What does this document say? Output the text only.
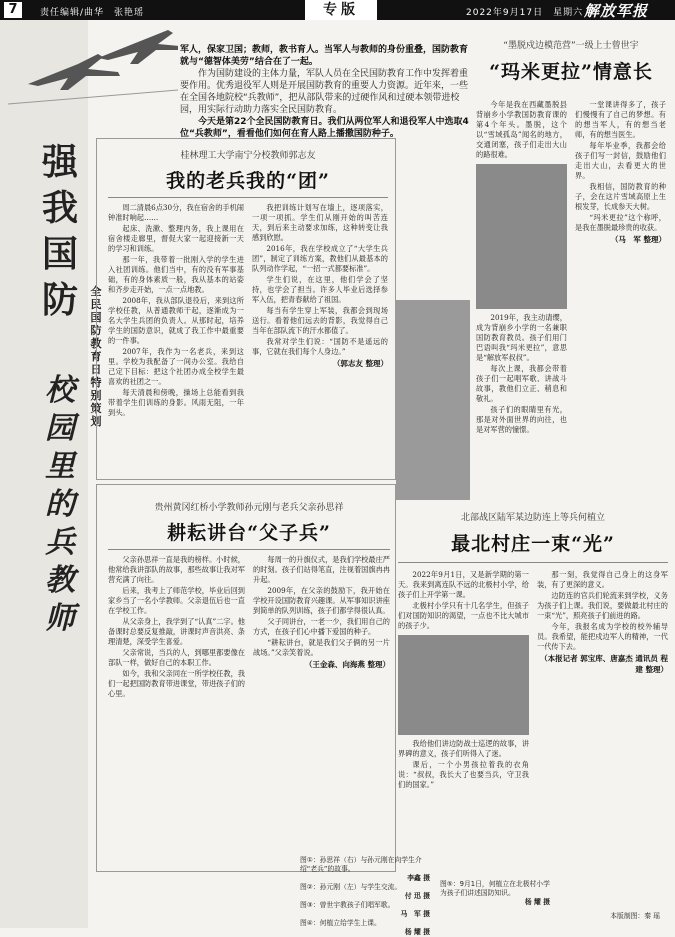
7	责任编辑/曲华　张艳瑶	专版	2022年9月17日　星期六 解放军报
强我国防 全民国防教育日特别策划
校园里的兵教师
军人，保家卫国；教师，教书育人。当军人与教师的身份重叠，国防教育就与“德智体美劳”结合在了一起。
作为国防建设的主体力量，军队人员在全民国防教育工作中发挥着重要作用。优秀退役军人则是开展国防教育的重要人力资源。近年来，一些在全国各地院校“兵教师”，把从部队带来的过硬作风和过硬本领带进校园，用实际行动助力落实全民国防教育。
今天是第22个全民国防教育日。我们从两位军人和退役军人中选取4位“兵教师”，看看他们如何在育人路上播撒国防种子。
桂林理工大学南宁分校教师郭志友
我的老兵我的“团”

周二清晨6点30分，我在宿舍的手机闹钟准时响起……

起床、洗漱、整理内务，我上课用在宿舍楼走廊里，督促大家一起迎接新一天的学习和训练。

那一年，我带着一批刚入学的学生进入社团训练。他们当中，有的没有军事基础，有的身体素质一般，我从基本的站姿和齐步走开始，一点一点地教。

2008年，我从部队退役后，来到这所学校任教，从普通教师干起，逐渐成为一名大学生兵团的负责人。从那时起，培养学生的国防意识，就成了我工作中最重要的一件事。

2007年，我作为一名老兵，来到这里。学校为我配备了一间办公室。我给自己定下目标：把这个社团办成全校学生最喜欢的社团之一。

每天清晨和傍晚，操场上总能看到我带着学生们训练的身影。风雨无阻，一年到头。

我把训练计划写在墙上，逐项落实，一项一项抓。学生们从刚开始的叫苦连天，到后来主动要求加练，这种转变让我感到欣慰。

2016年，我在学校成立了“大学生兵团”，制定了训练方案，教他们从最基本的队列动作学起，“一招一式都要标准”。

学生们说，在这里，他们学会了坚持，也学会了担当。许多人毕业后选择参军入伍，把青春献给了祖国。

每当有学生穿上军装，我都会到现场送行。看着他们远去的背影，我觉得自己当年在部队流下的汗水都值了。

我常对学生们说：“国防不是遥远的事，它就在我们每个人身边。”

（郭志友 整理）
贵州黄冈红桥小学教师孙元刚与老兵父亲孙思祥
耕耘讲台“父子兵”

父亲孙思祥一直是我的榜样。小时候，他常给我讲部队的故事，那些故事让我对军营充满了向往。

后来，我考上了师范学校，毕业后回到家乡当了一名小学教师。父亲退伍后也一直在学校工作。

从父亲身上，我学到了“认真”二字。他备课时总要反复推敲，讲课时声音洪亮、条理清楚，深受学生喜爱。

父亲常说，当兵的人，到哪里都要像在部队一样，做好自己的本职工作。

如今，我和父亲同在一所学校任教，我们一起把国防教育带进课堂，带进孩子们的心里。

每周一的升旗仪式，是我们学校最庄严的时刻。孩子们站得笔直，注视着国旗冉冉升起。

2009年，在父亲的鼓励下，我开始在学校开设国防教育兴趣课。从军事知识讲座到简单的队列训练，孩子们都学得很认真。

父子同讲台，一老一少，我们用自己的方式，在孩子们心中播下爱国的种子。

“耕耘讲台，就是我们父子俩的另一片战场。”父亲笑着说。

（王金森、向海燕 整理）
“墨脱戍边模范营”一级上士曾世宇
“玛米更拉”情意长

今年是我在西藏墨脱县背崩乡小学教国防教育课的第4个年头。墨脱，这个以“雪域孤岛”闻名的地方，交通闭塞，孩子们走出大山的路很难。

2019年，我主动请缨，成为背崩乡小学的一名兼职国防教育教员。孩子们用门巴语叫我“玛米更拉”，意思是“解放军叔叔”。

每次上课，我都会带着孩子们一起唱军歌、讲战斗故事，教他们立正、稍息和敬礼。

孩子们的眼睛里有光，那是对外面世界的向往，也是对军营的憧憬。

一堂课讲得多了，孩子们慢慢有了自己的梦想。有的想当军人，有的想当老师，有的想当医生。

每年毕业季，我都会给孩子们写一封信，鼓励他们走出大山，去看更大的世界。

我相信，国防教育的种子，会在这片雪域高原上生根发芽，长成参天大树。

“玛米更拉”这个称呼，是我在墨脱最珍贵的收获。

（马　军 整理）
北部战区陆军某边防连上等兵何植立
最北村庄一束“光”

2022年9月1日，又是新学期的第一天。我来到离连队不远的北极村小学，给孩子们上开学第一课。

北极村小学只有十几名学生，但孩子们对国防知识的渴望，一点也不比大城市的孩子少。

我给他们讲边防战士巡逻的故事，讲界碑的意义，孩子们听得入了迷。

课后，一个小男孩拉着我的衣角说：“叔叔，我长大了也要当兵，守卫我们的国家。”

那一刻，我觉得自己身上的这身军装，有了更深的意义。

边防连的官兵们轮流来到学校，义务为孩子们上课。我们说，要做最北村庄的一束“光”，照亮孩子们前进的路。

今年，我报名成为学校的校外辅导员。我希望，能把戍边军人的精神，一代一代传下去。

（本报记者 郭宝库、唐嘉杰 通讯员 程 建 整理）
图①：孙思祥（右）与孙元刚在向学生介绍“老兵”的故事。
李鑫 摄
图②：孙元刚（左）与学生交流。
付 迅 摄
图③：曾世宇教孩子们唱军歌。
马　军 摄
图④：何植立给学生上课。
杨 耀 摄
图⑤：9月1日，何植立在北极村小学为孩子们讲述国防知识。
杨 耀 摄
本版制图：秦 瑶
